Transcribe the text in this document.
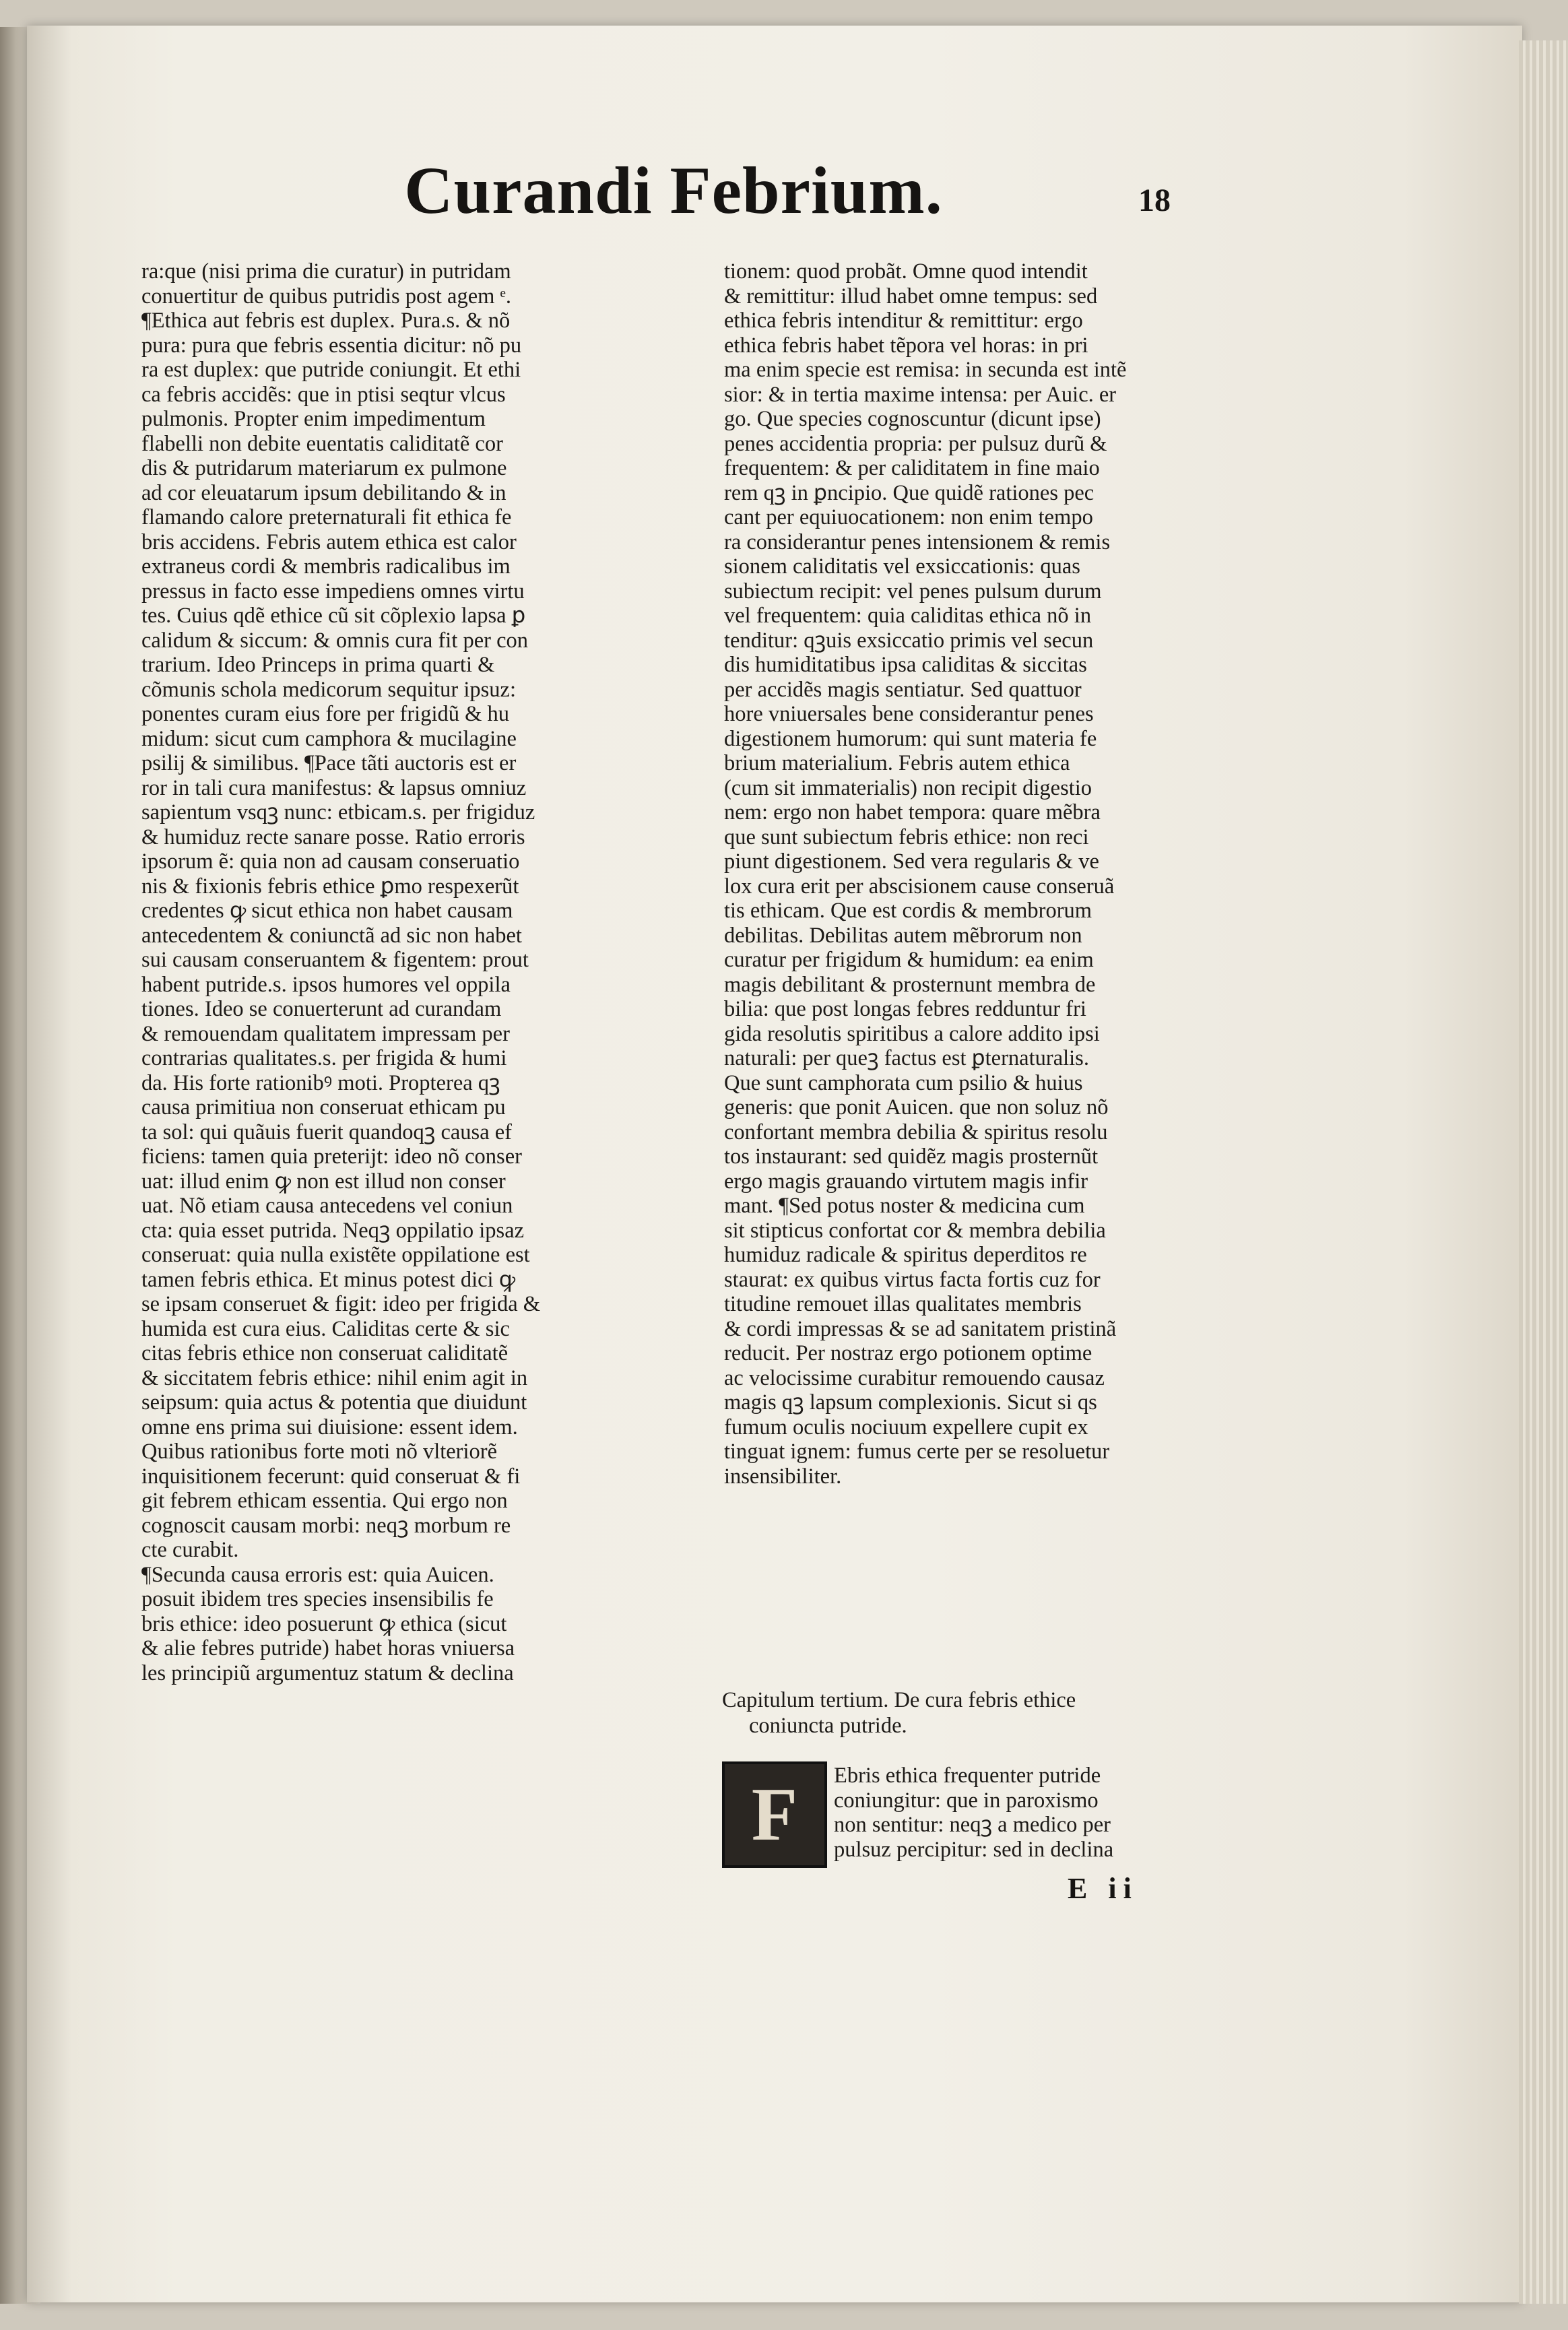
Curandi Febrium.	18
ra:que (nisi prima die curatur) in putridam
conuertitur de quibus putridis post agem ᵉ.
¶Ethica aut febris est duplex. Pura.s. & nõ
pura: pura que febris essentia dicitur: nõ pu
ra est duplex: que putride coniungit. Et ethi
ca febris accidẽs: que in ptisi seqtur vlcus
pulmonis. Propter enim impedimentum
flabelli non debite euentatis caliditatẽ cor
dis & putridarum materiarum ex pulmone
ad cor eleuatarum ipsum debilitando & in
flamando calore preternaturali fit ethica fe
bris accidens. Febris autem ethica est calor
extraneus cordi & membris radicalibus im
pressus in facto esse impediens omnes virtu
tes. Cuius qdẽ ethice cũ sit cõplexio lapsa ꝑ
calidum & siccum: & omnis cura fit per con
trarium. Ideo Princeps in prima quarti &
cõmunis schola medicorum sequitur ipsuz:
ponentes curam eius fore per frigidũ & hu
midum: sicut cum camphora & mucilagine
psilij & similibus. ¶Pace tãti auctoris est er
ror in tali cura manifestus: & lapsus omniuz
sapientum vsqꝫ nunc: etbicam.s. per frigiduz
& humiduz recte sanare posse. Ratio erroris
ipsorum ẽ: quia non ad causam conseruatio
nis & fixionis febris ethice ꝑmo respexerũt
credentes ꝙ sicut ethica non habet causam
antecedentem & coniunctã ad sic non habet
sui causam conseruantem & figentem: prout
habent putride.s. ipsos humores vel oppila
tiones. Ideo se conuerterunt ad curandam
& remouendam qualitatem impressam per
contrarias qualitates.s. per frigida & humi
da. His forte rationibꝰ moti. Propterea qꝫ
causa primitiua non conseruat ethicam pu
ta sol: qui quãuis fuerit quandoqꝫ causa ef
ficiens: tamen quia preterijt: ideo nõ conser
uat: illud enim ꝙ non est illud non conser
uat. Nõ etiam causa antecedens vel coniun
cta: quia esset putrida. Neqꝫ oppilatio ipsaz
conseruat: quia nulla existẽte oppilatione est
tamen febris ethica. Et minus potest dici ꝙ
se ipsam conseruet & figit: ideo per frigida &
humida est cura eius. Caliditas certe & sic
citas febris ethice non conseruat caliditatẽ
& siccitatem febris ethice: nihil enim agit in
seipsum: quia actus & potentia que diuidunt
omne ens prima sui diuisione: essent idem.
Quibus rationibus forte moti nõ vlteriorẽ
inquisitionem fecerunt: quid conseruat & fi
git febrem ethicam essentia. Qui ergo non
cognoscit causam morbi: neqꝫ morbum re
cte curabit.
¶Secunda causa erroris est: quia Auicen.
posuit ibidem tres species insensibilis fe
bris ethice: ideo posuerunt ꝙ ethica (sicut
& alie febres putride) habet horas vniuersa
les principiũ argumentuz statum & declina
tionem: quod probãt. Omne quod intendit
& remittitur: illud habet omne tempus: sed
ethica febris intenditur & remittitur: ergo
ethica febris habet tẽpora vel horas: in pri
ma enim specie est remisa: in secunda est intẽ
sior: & in tertia maxime intensa: per Auic. er
go. Que species cognoscuntur (dicunt ipse)
penes accidentia propria: per pulsuz durũ &
frequentem: & per caliditatem in fine maio
rem qꝫ in ꝑncipio. Que quidẽ rationes pec
cant per equiuocationem: non enim tempo
ra considerantur penes intensionem & remis
sionem caliditatis vel exsiccationis: quas
subiectum recipit: vel penes pulsum durum
vel frequentem: quia caliditas ethica nõ in
tenditur: qꝫuis exsiccatio primis vel secun
dis humiditatibus ipsa caliditas & siccitas
per accidẽs magis sentiatur. Sed quattuor
hore vniuersales bene considerantur penes
digestionem humorum: qui sunt materia fe
brium materialium. Febris autem ethica
(cum sit immaterialis) non recipit digestio
nem: ergo non habet tempora: quare mẽbra
que sunt subiectum febris ethice: non reci
piunt digestionem. Sed vera regularis & ve
lox cura erit per abscisionem cause conseruã
tis ethicam. Que est cordis & membrorum
debilitas. Debilitas autem mẽbrorum non
curatur per frigidum & humidum: ea enim
magis debilitant & prosternunt membra de
bilia: que post longas febres redduntur fri
gida resolutis spiritibus a calore addito ipsi
naturali: per queꝫ factus est ꝑternaturalis.
Que sunt camphorata cum psilio & huius
generis: que ponit Auicen. que non soluz nõ
confortant membra debilia & spiritus resolu
tos instaurant: sed quidẽz magis prosternũt
ergo magis grauando virtutem magis infir
mant. ¶Sed potus noster & medicina cum
sit stipticus confortat cor & membra debilia
humiduz radicale & spiritus deperditos re
staurat: ex quibus virtus facta fortis cuz for
titudine remouet illas qualitates membris
& cordi impressas & se ad sanitatem pristinã
reducit. Per nostraz ergo potionem optime
ac velocissime curabitur remouendo causaz
magis qꝫ lapsum complexionis. Sicut si qs
fumum oculis nociuum expellere cupit ex
tinguat ignem: fumus certe per se resoluetur
insensibiliter.
Capitulum tertium. De cura febris ethice
coniuncta putride.
F Ebris ethica frequenter putride
coniungitur: que in paroxismo
non sentitur: neqꝫ a medico per
pulsuz percipitur: sed in declina
E ii
